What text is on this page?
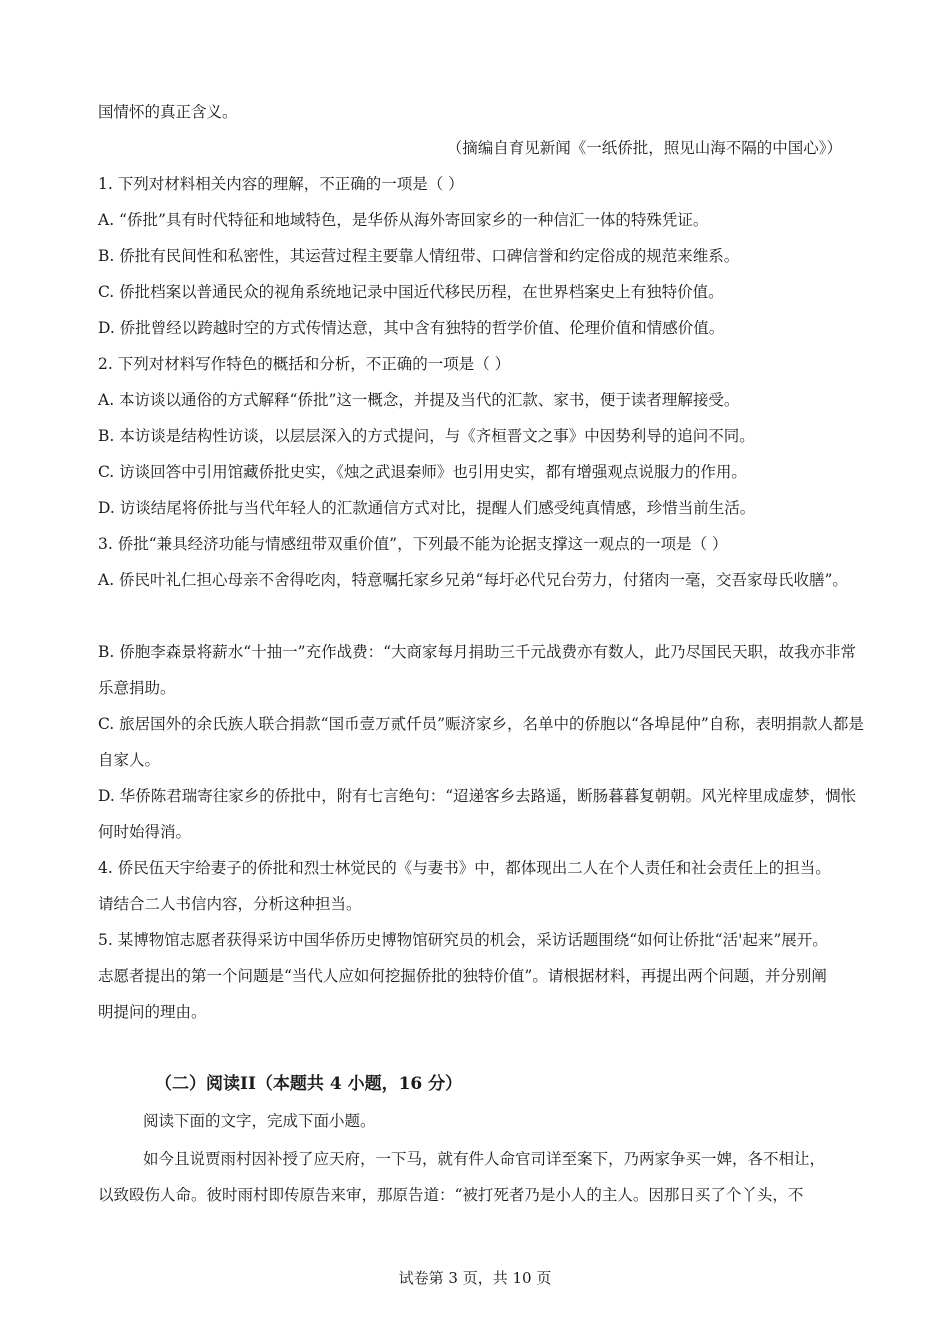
国情怀的真正含义。
（摘编自育见新闻《一纸侨批，照见山海不隔的中国心》）
1. 下列对材料相关内容的理解，不正确的一项是（ ）
A. “侨批”具有时代特征和地域特色，是华侨从海外寄回家乡的一种信汇一体的特殊凭证。
B. 侨批有民间性和私密性，其运营过程主要靠人情纽带、口碑信誉和约定俗成的规范来维系。
C. 侨批档案以普通民众的视角系统地记录中国近代移民历程，在世界档案史上有独特价值。
D. 侨批曾经以跨越时空的方式传情达意，其中含有独特的哲学价值、伦理价值和情感价值。
2. 下列对材料写作特色的概括和分析，不正确的一项是（ ）
A. 本访谈以通俗的方式解释“侨批”这一概念，并提及当代的汇款、家书，便于读者理解接受。
B. 本访谈是结构性访谈，以层层深入的方式提问，与《齐桓晋文之事》中因势利导的追问不同。
C. 访谈回答中引用馆藏侨批史实，《烛之武退秦师》也引用史实，都有增强观点说服力的作用。
D. 访谈结尾将侨批与当代年轻人的汇款通信方式对比，提醒人们感受纯真情感，珍惜当前生活。
3. 侨批“兼具经济功能与情感纽带双重价值”，下列最不能为论据支撑这一观点的一项是（ ）
A. 侨民叶礼仁担心母亲不舍得吃肉，特意嘱托家乡兄弟“每圩必代兄台劳力，付猪肉一毫，交吾家母氏收膳”。
B. 侨胞李森景将薪水“十抽一”充作战费：“大商家每月捐助三千元战费亦有数人，此乃尽国民天职，故我亦非常乐意捐助。
C. 旅居国外的余氏族人联合捐款“国币壹万贰仟员”赈济家乡，名单中的侨胞以“各埠昆仲”自称，表明捐款人都是自家人。
D. 华侨陈君瑞寄往家乡的侨批中，附有七言绝句：“迢递客乡去路遥，断肠暮暮复朝朝。风光梓里成虚梦，惆怅何时始得消。
4. 侨民伍天宇给妻子的侨批和烈士林觉民的《与妻书》中，都体现出二人在个人责任和社会责任上的担当。
请结合二人书信内容，分析这种担当。
5. 某博物馆志愿者获得采访中国华侨历史博物馆研究员的机会，采访话题围绕“如何让侨批“活'起来”展开。
志愿者提出的第一个问题是“当代人应如何挖掘侨批的独特价值”。请根据材料，再提出两个问题，并分别阐
明提问的理由。
（二）阅读II（本题共 4 小题，16 分）
阅读下面的文字，完成下面小题。
如今且说贾雨村因补授了应天府，一下马，就有件人命官司详至案下，乃两家争买一婢，各不相让，
以致殴伤人命。彼时雨村即传原告来审，那原告道：“被打死者乃是小人的主人。因那日买了个丫头，不
试卷第 3 页，共 10 页
